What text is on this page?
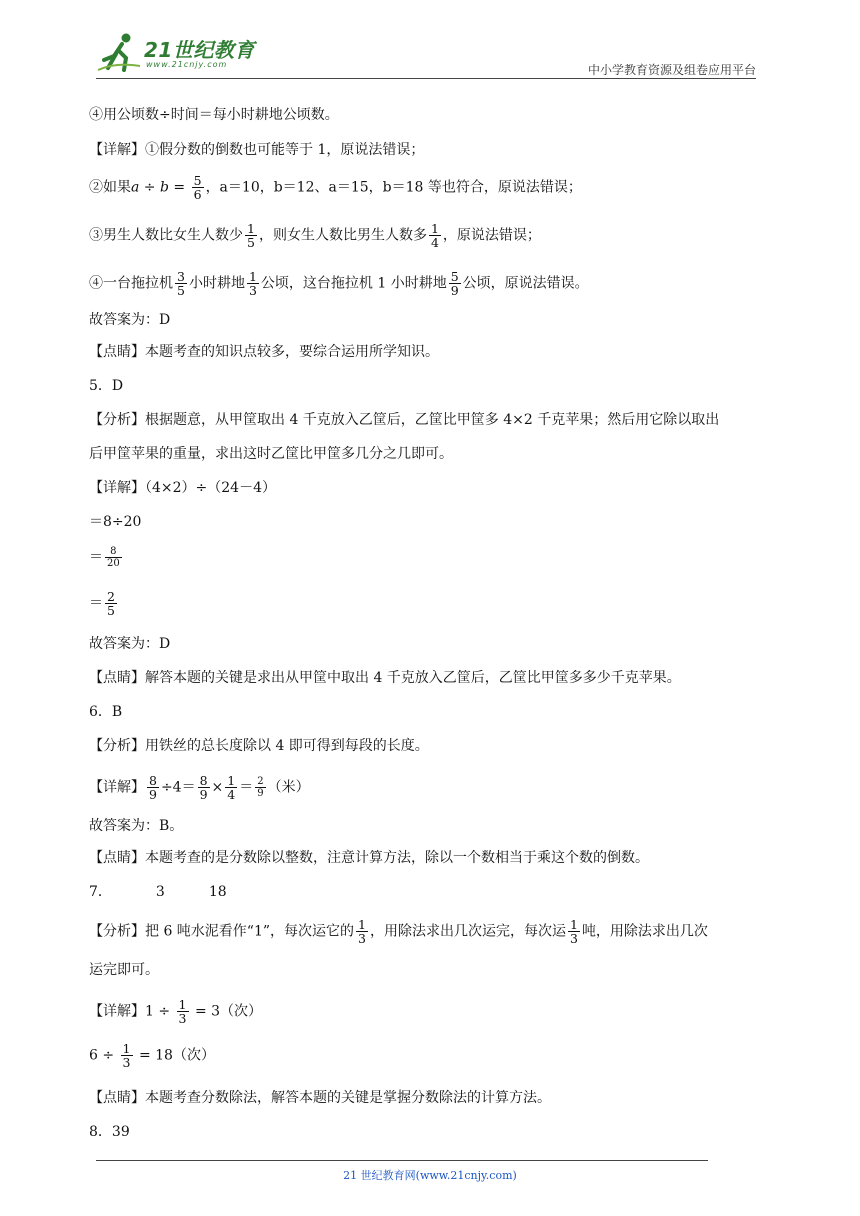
21世纪教育
www.21cnjy.com	中小学教育资源及组卷应用平台
④用公顷数÷时间＝每小时耕地公顷数。
【详解】①假分数的倒数也可能等于 1，原说法错误；
②如果$a \div b = \frac{5}{6}$ ，a＝10，b＝12、a＝15，b＝18 等也符合，原说法错误；
③男生人数比女生人数少 $\frac{1}{5}$ ，则女生人数比男生人数多 $\frac{1}{4}$ ，原说法错误；
④一台拖拉机 $\frac{3}{5}$ 小时耕地 $\frac{1}{3}$ 公顷，这台拖拉机 1 小时耕地 $\frac{5}{9}$ 公顷，原说法错误。
故答案为：D
【点睛】本题考查的知识点较多，要综合运用所学知识。
5．D
【分析】根据题意，从甲筐取出 4 千克放入乙筐后，乙筐比甲筐多 4×2 千克苹果；然后用它除以取出
后甲筐苹果的重量，求出这时乙筐比甲筐多几分之几即可。
【详解】（4×2）÷（24－4）
＝8÷20
＝ $\frac{8}{20}$
＝ $\frac{2}{5}$
故答案为：D
【点睛】解答本题的关键是求出从甲筐中取出 4 千克放入乙筐后，乙筐比甲筐多多少千克苹果。
6．B
【分析】用铁丝的总长度除以 4 即可得到每段的长度。
【详解】 $\frac{8}{9} \div 4= \frac{8}{9} \times \frac{1}{4} = \frac{2}{9}$ （米）
故答案为：B。
【点睛】本题考查的是分数除以整数，注意计算方法，除以一个数相当于乘这个数的倒数。
7．	3	18
【分析】把 6 吨水泥看作“1”，每次运它的 $\frac{1}{3}$ ，用除法求出几次运完，每次运 $\frac{1}{3}$ 吨，用除法求出几次
运完即可。
【详解】$1 \div \frac{1}{3} = 3$（次）
$6 \div \frac{1}{3} = 18$（次）
【点睛】本题考查分数除法，解答本题的关键是掌握分数除法的计算方法。
8．39
21 世纪教育网(www.21cnjy.com)
